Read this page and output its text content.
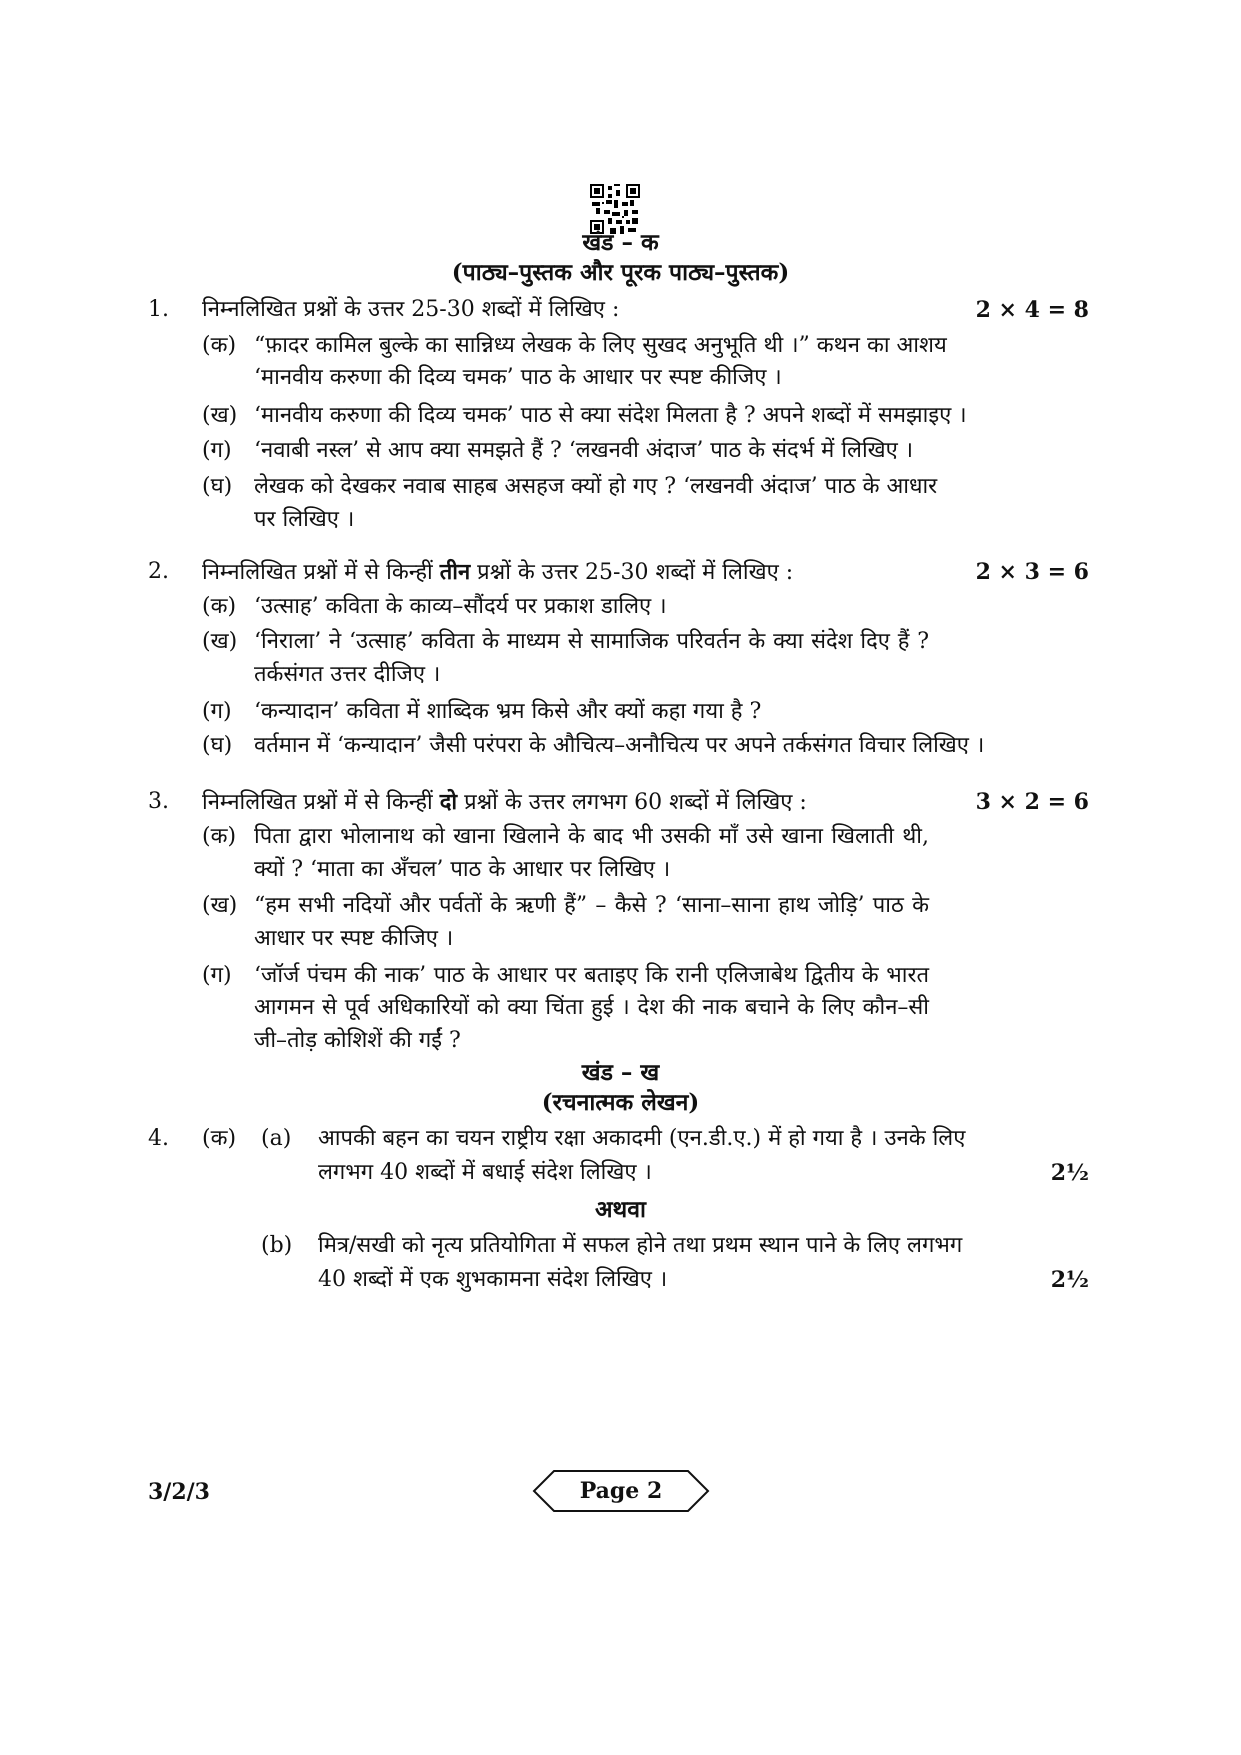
खंड – क
(पाठ्य–पुस्तक और पूरक पाठ्य–पुस्तक)
1. निम्नलिखित प्रश्नों के उत्तर 25-30 शब्दों में लिखिए :	2 × 4 = 8
(क) “फ़ादर कामिल बुल्के का सान्निध्य लेखक के लिए सुखद अनुभूति थी ।” कथन का आशय
‘मानवीय करुणा की दिव्य चमक’ पाठ के आधार पर स्पष्ट कीजिए ।
(ख) ‘मानवीय करुणा की दिव्य चमक’ पाठ से क्या संदेश मिलता है ? अपने शब्दों में समझाइए ।
(ग) ‘नवाबी नस्ल’ से आप क्या समझते हैं ? ‘लखनवी अंदाज’ पाठ के संदर्भ में लिखिए ।
(घ) लेखक को देखकर नवाब साहब असहज क्यों हो गए ? ‘लखनवी अंदाज’ पाठ के आधार
पर लिखिए ।
2. निम्नलिखित प्रश्नों में से किन्हीं तीन प्रश्नों के उत्तर 25-30 शब्दों में लिखिए :	2 × 3 = 6
(क) ‘उत्साह’ कविता के काव्य–सौंदर्य पर प्रकाश डालिए ।
(ख) ‘निराला’ ने ‘उत्साह’ कविता के माध्यम से सामाजिक परिवर्तन के क्या संदेश दिए हैं ?
तर्कसंगत उत्तर दीजिए ।
(ग) ‘कन्यादान’ कविता में शाब्दिक भ्रम किसे और क्यों कहा गया है ?
(घ) वर्तमान में ‘कन्यादान’ जैसी परंपरा के औचित्य–अनौचित्य पर अपने तर्कसंगत विचार लिखिए ।
3. निम्नलिखित प्रश्नों में से किन्हीं दो प्रश्नों के उत्तर लगभग 60 शब्दों में लिखिए :	3 × 2 = 6
(क) पिता द्वारा भोलानाथ को खाना खिलाने के बाद भी उसकी माँ उसे खाना खिलाती थी,
क्यों ? ‘माता का अँचल’ पाठ के आधार पर लिखिए ।
(ख) “हम सभी नदियों और पर्वतों के ऋणी हैं” – कैसे ? ‘साना–साना हाथ जोड़ि’ पाठ के
आधार पर स्पष्ट कीजिए ।
(ग) ‘जॉर्ज पंचम की नाक’ पाठ के आधार पर बताइए कि रानी एलिजाबेथ द्वितीय के भारत
आगमन से पूर्व अधिकारियों को क्या चिंता हुई । देश की नाक बचाने के लिए कौन–सी
जी–तोड़ कोशिशें की गईं ?
खंड – ख
(रचनात्मक लेखन)
4. (क) (a) आपकी बहन का चयन राष्ट्रीय रक्षा अकादमी (एन.डी.ए.) में हो गया है । उनके लिए
लगभग 40 शब्दों में बधाई संदेश लिखिए ।	2½
अथवा
(b) मित्र/सखी को नृत्य प्रतियोगिता में सफल होने तथा प्रथम स्थान पाने के लिए लगभग
40 शब्दों में एक शुभकामना संदेश लिखिए ।	2½
3/2/3	Page 2
